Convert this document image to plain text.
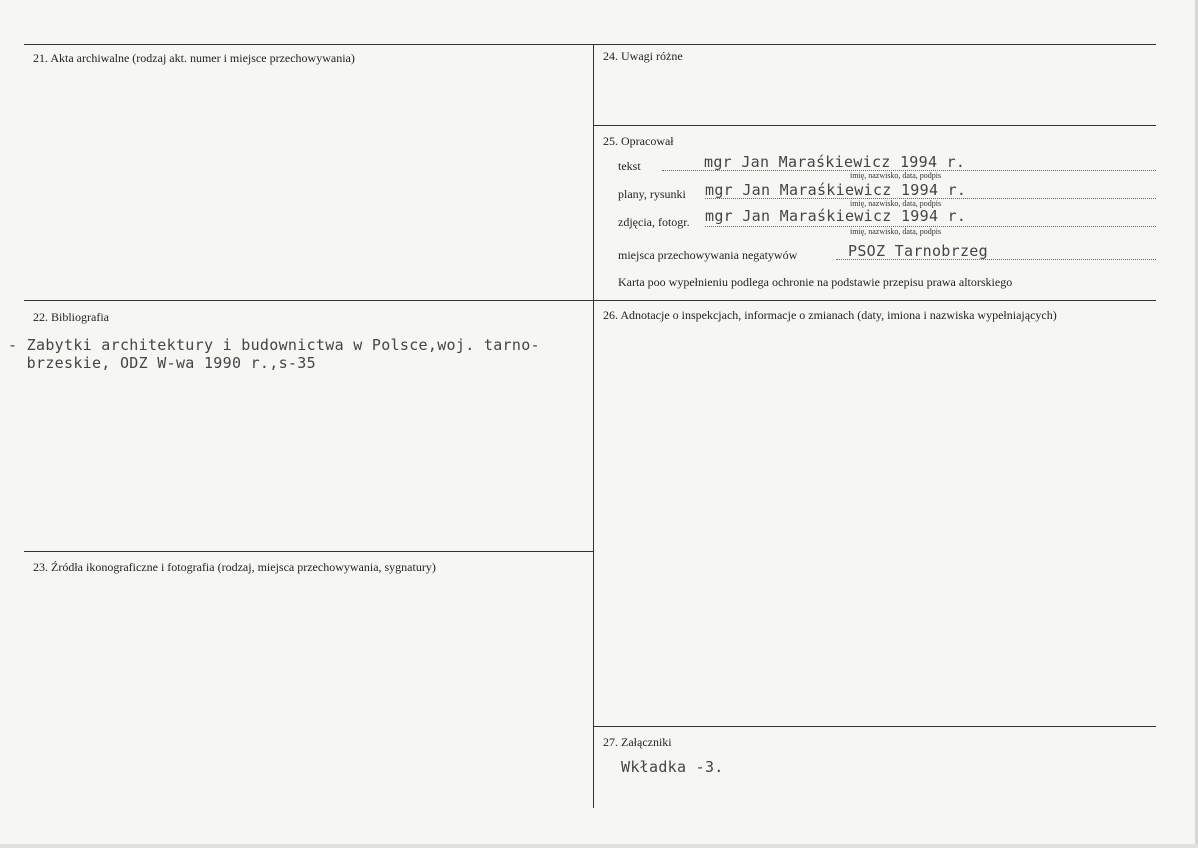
21. Akta archiwalne (rodzaj akt. numer i miejsce przechowywania)	24. Uwagi różne
25. Opracował
tekst	mgr Jan Maraśkiewicz 1994 r.
imię, nazwisko, data, podpis
plany, rysunki mgr Jan Maraśkiewicz 1994 r.
imię, nazwisko, data, podpis
zdjęcia, fotogr. mgr Jan Maraśkiewicz 1994 r.
imię, nazwisko, data, podpis
miejsca przechowywania negatywów	PSOZ Tarnobrzeg
Karta poo wypełnieniu podlega ochronie na podstawie przepisu prawa altorskiego
22. Bibliografia
- Zabytki architektury i budownictwa w Polsce,woj. tarno-
brzeskie, ODZ W-wa 1990 r.,s-35
26. Adnotacje o inspekcjach, informacje o zmianach (daty, imiona i nazwiska wypełniających)
23. Źródła ikonograficzne i fotografia (rodzaj, miejsca przechowywania, sygnatury)
27. Załączniki
Wkładka -3.
